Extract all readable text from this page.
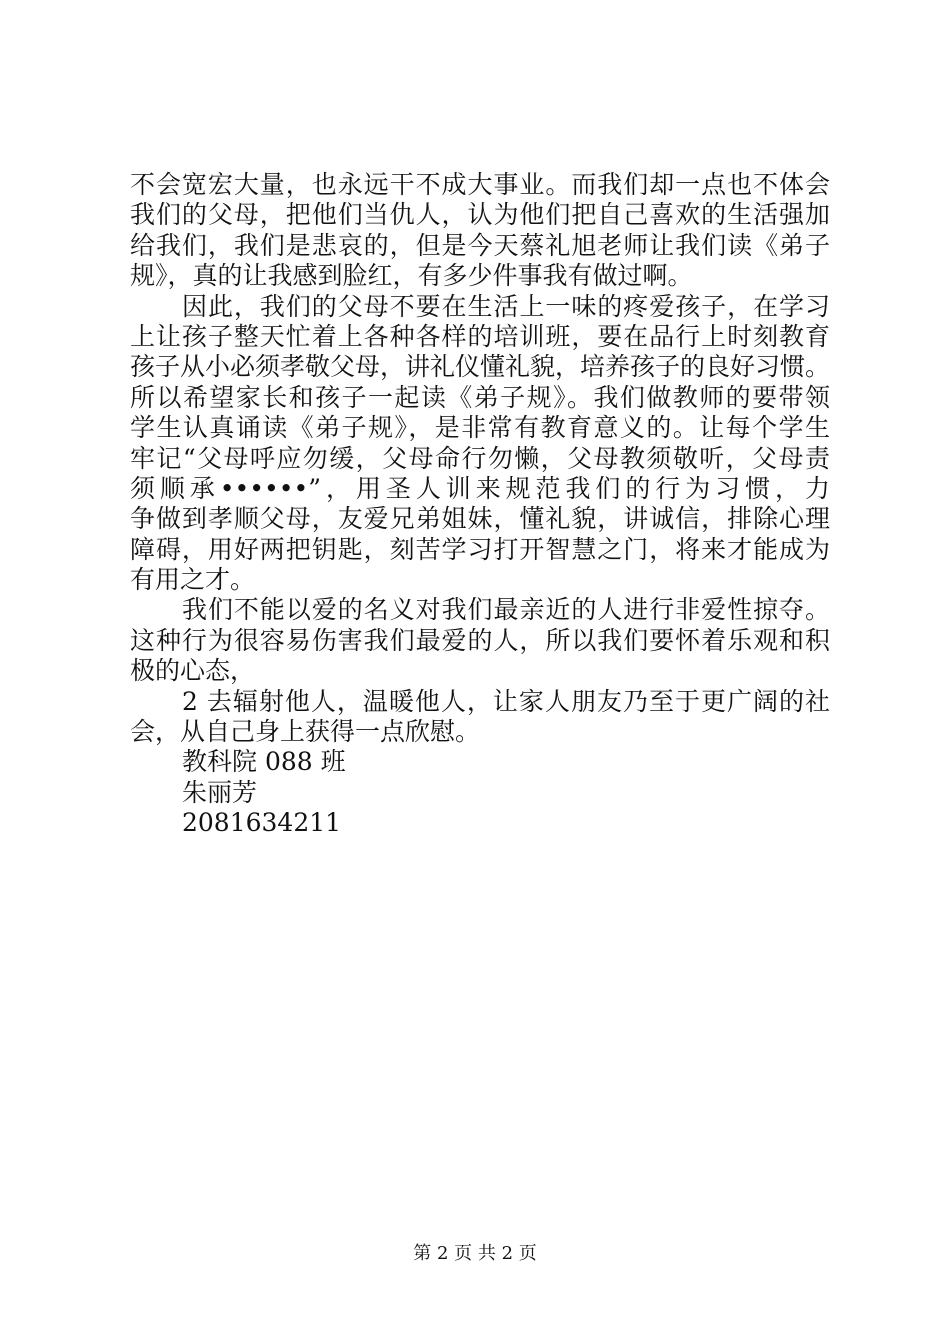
不会宽宏大量，也永远干不成大事业。而我们却一点也不体会
我们的父母，把他们当仇人，认为他们把自己喜欢的生活强加
给我们，我们是悲哀的，但是今天蔡礼旭老师让我们读《弟子
规》，真的让我感到脸红，有多少件事我有做过啊。
因此，我们的父母不要在生活上一味的疼爱孩子，在学习
上让孩子整天忙着上各种各样的培训班，要在品行上时刻教育
孩子从小必须孝敬父母，讲礼仪懂礼貌，培养孩子的良好习惯。
所以希望家长和孩子一起读《弟子规》。我们做教师的要带领
学生认真诵读《弟子规》，是非常有教育意义的。让每个学生
牢记“父母呼应勿缓，父母命行勿懒，父母教须敬听，父母责
须顺承••••••”，用圣人训来规范我们的行为习惯，力
争做到孝顺父母，友爱兄弟姐妹，懂礼貌，讲诚信，排除心理
障碍，用好两把钥匙，刻苦学习打开智慧之门，将来才能成为
有用之才。
我们不能以爱的名义对我们最亲近的人进行非爱性掠夺。
这种行为很容易伤害我们最爱的人，所以我们要怀着乐观和积
极的心态，
2 去辐射他人，温暖他人，让家人朋友乃至于更广阔的社
会，从自己身上获得一点欣慰。
教科院 088 班
朱丽芳
2081634211
第 2 页 共 2 页
